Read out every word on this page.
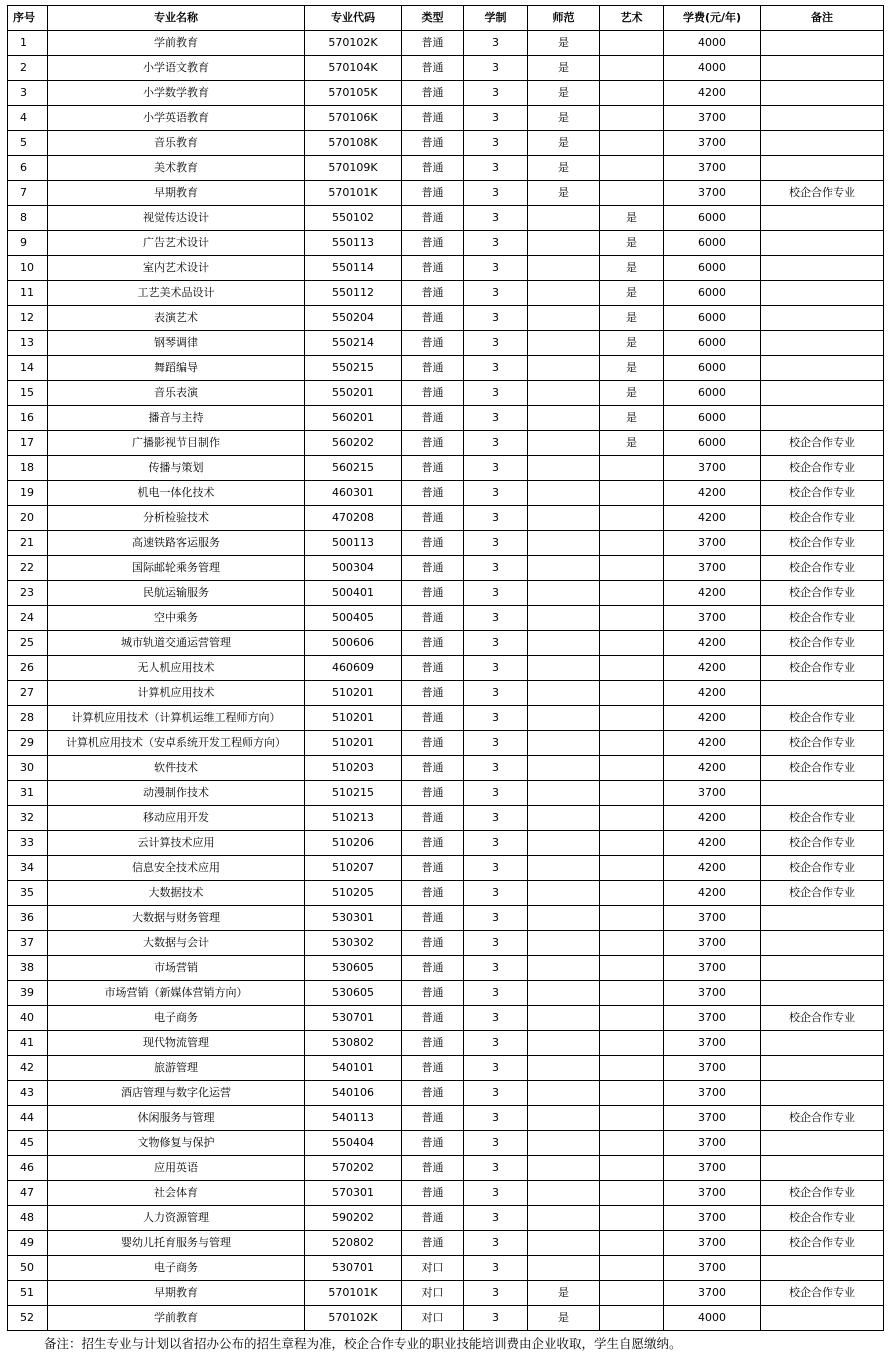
序号	专业名称	专业代码	类型	学制	师范	艺术	学费(元/年)	备注
1	学前教育	570102K	普通	3	是		4000	
2	小学语文教育	570104K	普通	3	是		4000	
3	小学数学教育	570105K	普通	3	是		4200	
4	小学英语教育	570106K	普通	3	是		3700	
5	音乐教育	570108K	普通	3	是		3700	
6	美术教育	570109K	普通	3	是		3700	
7	早期教育	570101K	普通	3	是		3700	校企合作专业
8	视觉传达设计	550102	普通	3		是	6000	
9	广告艺术设计	550113	普通	3		是	6000	
10	室内艺术设计	550114	普通	3		是	6000	
11	工艺美术品设计	550112	普通	3		是	6000	
12	表演艺术	550204	普通	3		是	6000	
13	钢琴调律	550214	普通	3		是	6000	
14	舞蹈编导	550215	普通	3		是	6000	
15	音乐表演	550201	普通	3		是	6000	
16	播音与主持	560201	普通	3		是	6000	
17	广播影视节目制作	560202	普通	3		是	6000	校企合作专业
18	传播与策划	560215	普通	3			3700	校企合作专业
19	机电一体化技术	460301	普通	3			4200	校企合作专业
20	分析检验技术	470208	普通	3			4200	校企合作专业
21	高速铁路客运服务	500113	普通	3			3700	校企合作专业
22	国际邮轮乘务管理	500304	普通	3			3700	校企合作专业
23	民航运输服务	500401	普通	3			4200	校企合作专业
24	空中乘务	500405	普通	3			3700	校企合作专业
25	城市轨道交通运营管理	500606	普通	3			4200	校企合作专业
26	无人机应用技术	460609	普通	3			4200	校企合作专业
27	计算机应用技术	510201	普通	3			4200	
28	计算机应用技术（计算机运维工程师方向）	510201	普通	3			4200	校企合作专业
29	计算机应用技术（安卓系统开发工程师方向）	510201	普通	3			4200	校企合作专业
30	软件技术	510203	普通	3			4200	校企合作专业
31	动漫制作技术	510215	普通	3			3700	
32	移动应用开发	510213	普通	3			4200	校企合作专业
33	云计算技术应用	510206	普通	3			4200	校企合作专业
34	信息安全技术应用	510207	普通	3			4200	校企合作专业
35	大数据技术	510205	普通	3			4200	校企合作专业
36	大数据与财务管理	530301	普通	3			3700	
37	大数据与会计	530302	普通	3			3700	
38	市场营销	530605	普通	3			3700	
39	市场营销（新媒体营销方向）	530605	普通	3			3700	
40	电子商务	530701	普通	3			3700	校企合作专业
41	现代物流管理	530802	普通	3			3700	
42	旅游管理	540101	普通	3			3700	
43	酒店管理与数字化运营	540106	普通	3			3700	
44	休闲服务与管理	540113	普通	3			3700	校企合作专业
45	文物修复与保护	550404	普通	3			3700	
46	应用英语	570202	普通	3			3700	
47	社会体育	570301	普通	3			3700	校企合作专业
48	人力资源管理	590202	普通	3			3700	校企合作专业
49	婴幼儿托育服务与管理	520802	普通	3			3700	校企合作专业
50	电子商务	530701	对口	3			3700	
51	早期教育	570101K	对口	3	是		3700	校企合作专业
52	学前教育	570102K	对口	3	是		4000	
备注：招生专业与计划以省招办公布的招生章程为准，校企合作专业的职业技能培训费由企业收取，学生自愿缴纳。
